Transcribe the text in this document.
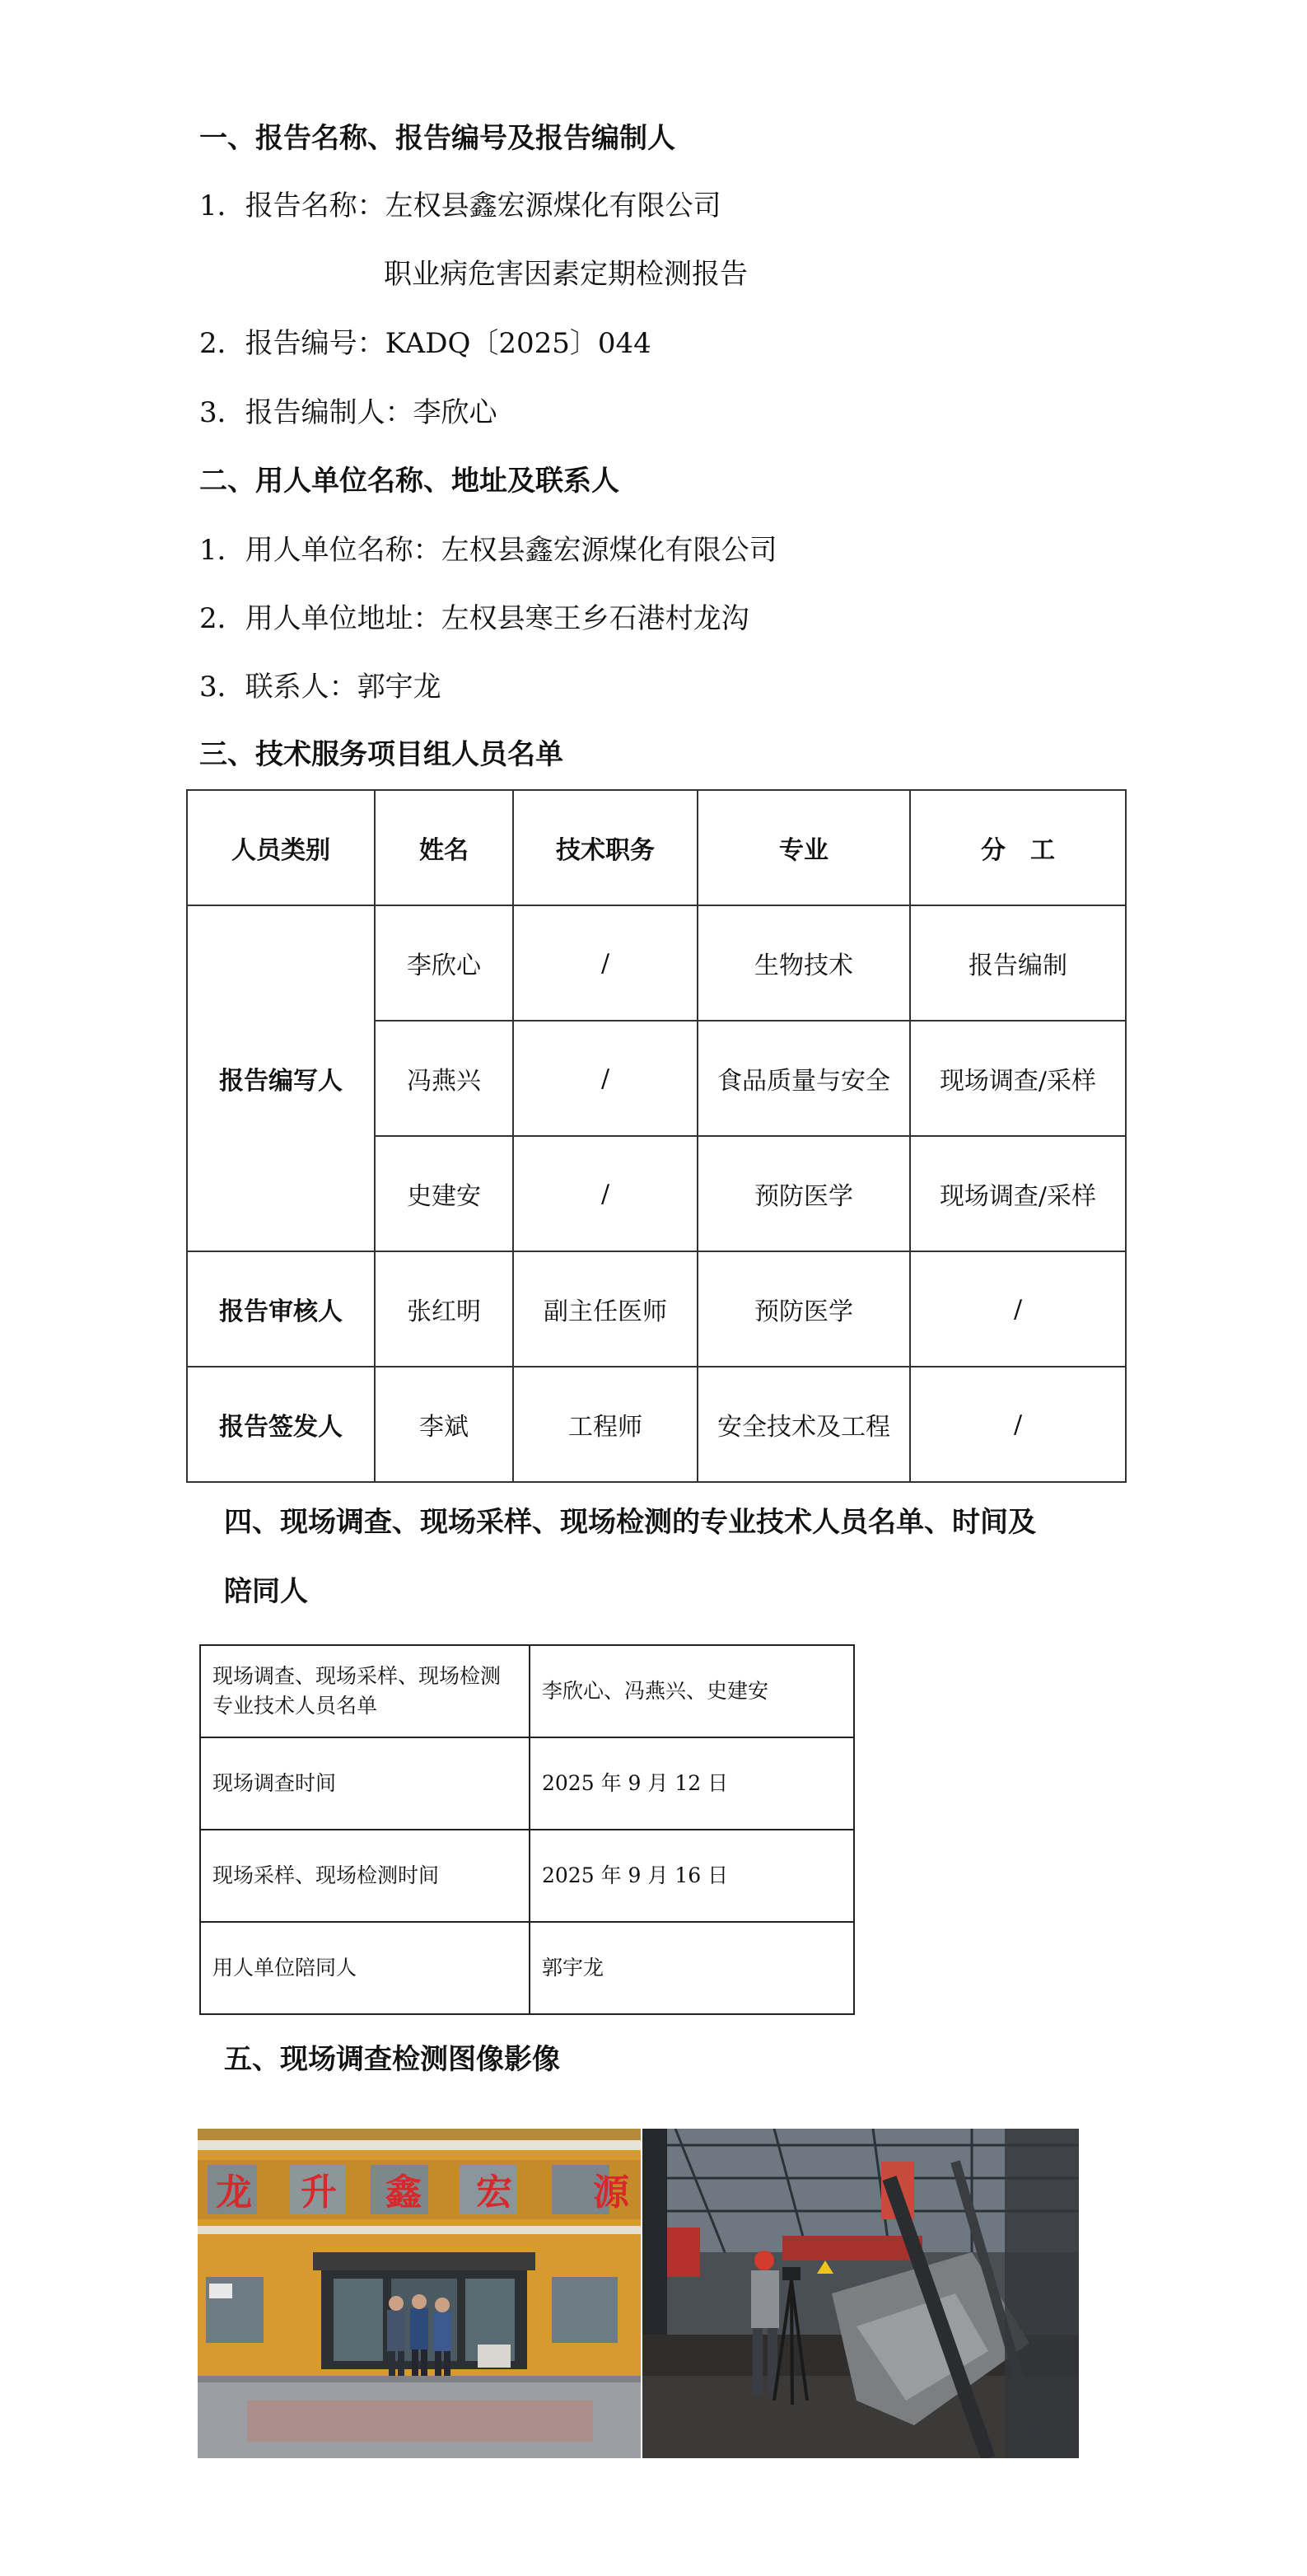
一、报告名称、报告编号及报告编制人
1．报告名称：左权县鑫宏源煤化有限公司
职业病危害因素定期检测报告
2．报告编号：KADQ〔2025〕044
3．报告编制人：李欣心
二、用人单位名称、地址及联系人
1．用人单位名称：左权县鑫宏源煤化有限公司
2．用人单位地址：左权县寒王乡石港村龙沟
3．联系人：郭宇龙
三、技术服务项目组人员名单
人员类别	姓名	技术职务	专业	分　工
报告编写人	李欣心	/	生物技术	报告编制
	冯燕兴	/	食品质量与安全	现场调查/采样
	史建安	/	预防医学	现场调查/采样
报告审核人	张红明	副主任医师	预防医学	/
报告签发人	李斌	工程师	安全技术及工程	/
四、现场调查、现场采样、现场检测的专业技术人员名单、时间及
陪同人
现场调查、现场采样、现场检测专业技术人员名单	李欣心、冯燕兴、史建安
现场调查时间	2025 年 9 月 12 日
现场采样、现场检测时间	2025 年 9 月 16 日
用人单位陪同人	郭宇龙
五、现场调查检测图像影像
龙 升 鑫 宏 源
